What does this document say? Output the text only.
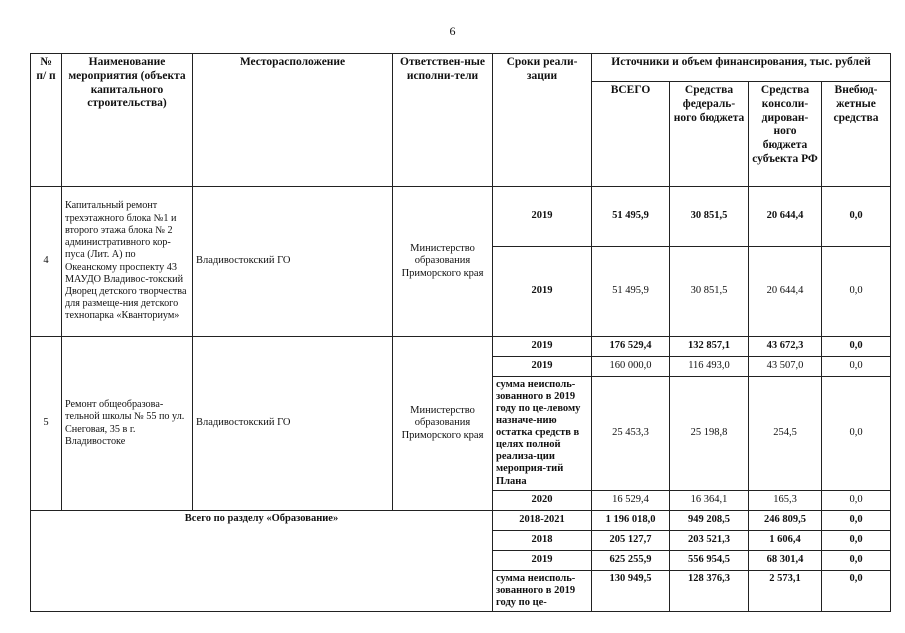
6
№ п/ п	Наименование мероприятия (объекта капитального строительства)	Месторасположение	Ответствен-ные исполни-тели	Сроки реали-зации	Источники и объем финансирования, тыс. рублей			
					ВСЕГО	Средства федераль-ного бюджета	Средства консоли-дирован-ного бюджета субъекта РФ	Внебюд-жетные средства
4	Капитальный ремонт трехэтажного блока №1 и второго этажа блока № 2 административного кор-пуса (Лит. А) по Океанскому проспекту 43 МАУДО Владивос-токский Дворец детского творчества для размеще-ния детского технопарка «Кванториум»	Владивостокский ГО	Министерство образования Приморского края	2019	51 495,9	30 851,5	20 644,4	0,0
				2019	51 495,9	30 851,5	20 644,4	0,0
5	Ремонт общеобразова-тельной школы № 55 по ул. Снеговая, 35 в г. Владивостоке	Владивостокский ГО	Министерство образования Приморского края	2019	176 529,4	132 857,1	43 672,3	0,0
				2019	160 000,0	116 493,0	43 507,0	0,0
				сумма неисполь-зованного в 2019 году по це-левому назначе-нию остатка средств в целях полной реализа-ции мероприя-тий Плана	25 453,3	25 198,8	254,5	0,0
				2020	16 529,4	16 364,1	165,3	0,0
Всего по разделу «Образование»				2018-2021	1 196 018,0	949 208,5	246 809,5	0,0
				2018	205 127,7	203 521,3	1 606,4	0,0
				2019	625 255,9	556 954,5	68 301,4	0,0
				сумма неисполь-зованного в 2019 году по це-	130 949,5	128 376,3	2 573,1	0,0
